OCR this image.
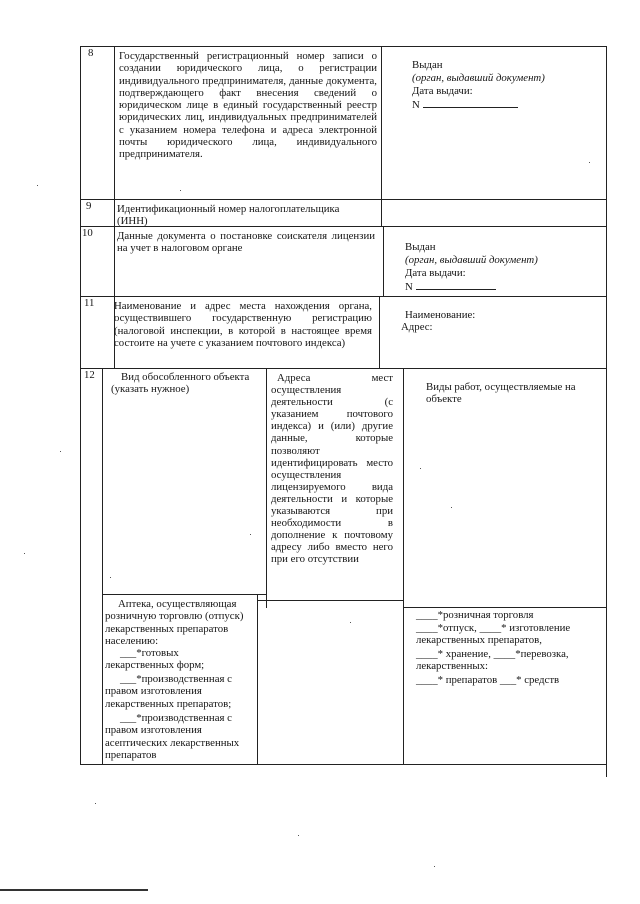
8 Государственный регистрационный номер записи о создании юридического лица, о регистрации индивидуального предпринимателя, данные документа, подтверждающего факт внесения сведений о юридическом лице в единый государственный реестр юридических лиц, индивидуальных предпринимателей с указанием номера телефона и адреса электронной почты юридического лица, индивидуального предпринимателя.
Выдан
(орган, выдавший документ)
Дата выдачи:
N
9 Идентификационный номер налогоплательщика (ИНН)
10 Данные документа о постановке соискателя лицензии на учет в налоговом органе	Выдан
(орган, выдавший документ)
Дата выдачи:
N
11 Наименование и адрес места нахождения органа, осуществившего государственную регистрацию (налоговой инспекции, в которой в настоящее время состоите на учете с указанием почтового индекса)
Наименование:
Адрес:
12	Вид обособленного объекта (указать нужное)
Адреса мест осуществления деятельности (с указанием почтового индекса) и (или) другие данные, которые позволяют идентифицировать место осуществления лицензируемого вида деятельности и которые указываются при необходимости в дополнение к почтовому адресу либо вместо него при его отсутствии
Виды работ, осуществляемые на объекте
Аптека, осуществляющая розничную торговлю (отпуск) лекарственных препаратов населению:
___*готовых лекарственных форм;
___*производственная с правом изготовления лекарственных препаратов;
___*производственная с правом изготовления асептических лекарственных препаратов
____*розничная торговля
____*отпуск, ____* изготовление лекарственных препаратов,
____* хранение, ____*перевозка, лекарственных:
____* препаратов ___* средств
